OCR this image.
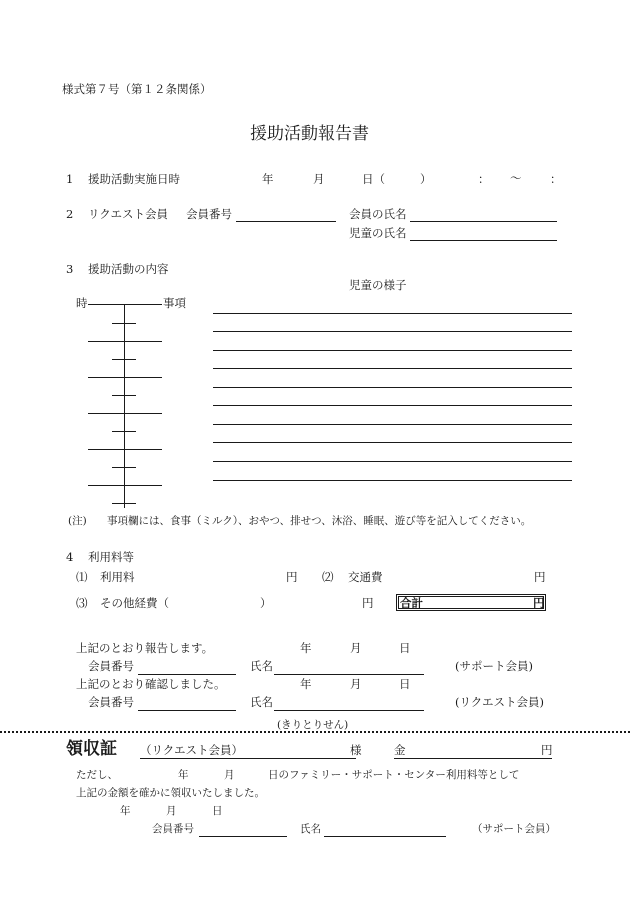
様式第７号（第１２条関係）
援助活動報告書
1 援助活動実施日時	年	月	日（	）	： 〜 ：
2 リクエスト会員 会員番号	会員の氏名
児童の氏名
3 援助活動の内容
児童の様子
時	事項
(注) 事項欄には、食事（ミルク）、おやつ、排せつ、沐浴、睡眠、遊び等を記入してください。
4 利用料等
⑴ 利用料	円 ⑵ 交通費	円
⑶ その他経費（	）	円 合計	円
上記のとおり報告します。	年	月	日
会員番号	氏名	(サポート会員)
上記のとおり確認しました。	年	月	日
会員番号	氏名	(リクエスト会員)
(きりとりせん)
領収証 （リクエスト会員）	様	金	円
ただし、	年	月	日のファミリー・サポート・センター利用料等として
上記の金額を確かに領収いたしました。
年	月	日
会員番号	氏名	（サポート会員）
